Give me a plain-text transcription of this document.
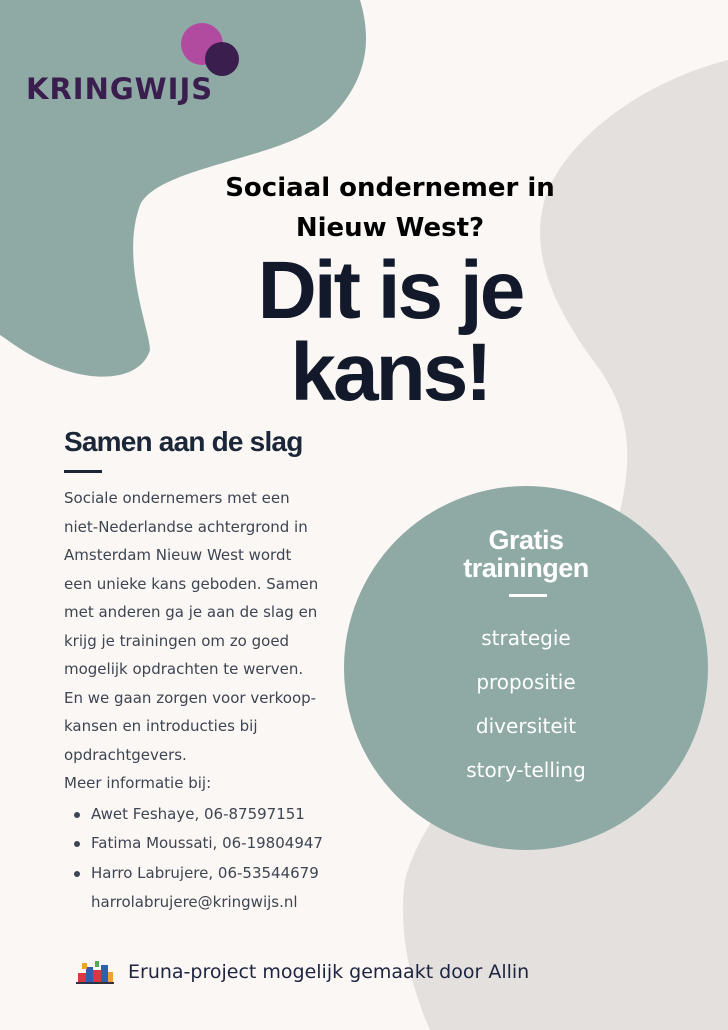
KRINGWIJS
Sociaal ondernemer in
Nieuw West?
Dit is je
kans!
Samen aan de slag

Sociale ondernemers met een

niet-Nederlandse achtergrond in

Amsterdam Nieuw West wordt

een unieke kans geboden. Samen

met anderen ga je aan de slag en

krijg je trainingen om zo goed

mogelijk opdrachten te werven.

En we gaan zorgen voor verkoop-

kansen en introducties bij

opdrachtgevers.

Meer informatie bij:

Awet Feshaye, 06-87597151
Fatima Moussati, 06-19804947
Harro Labrujere, 06-53544679
harrolabrujere@kringwijs.nl
Gratis
trainingen
strategie
propositie
diversiteit
story-telling
Eruna-project mogelijk gemaakt door Allin
